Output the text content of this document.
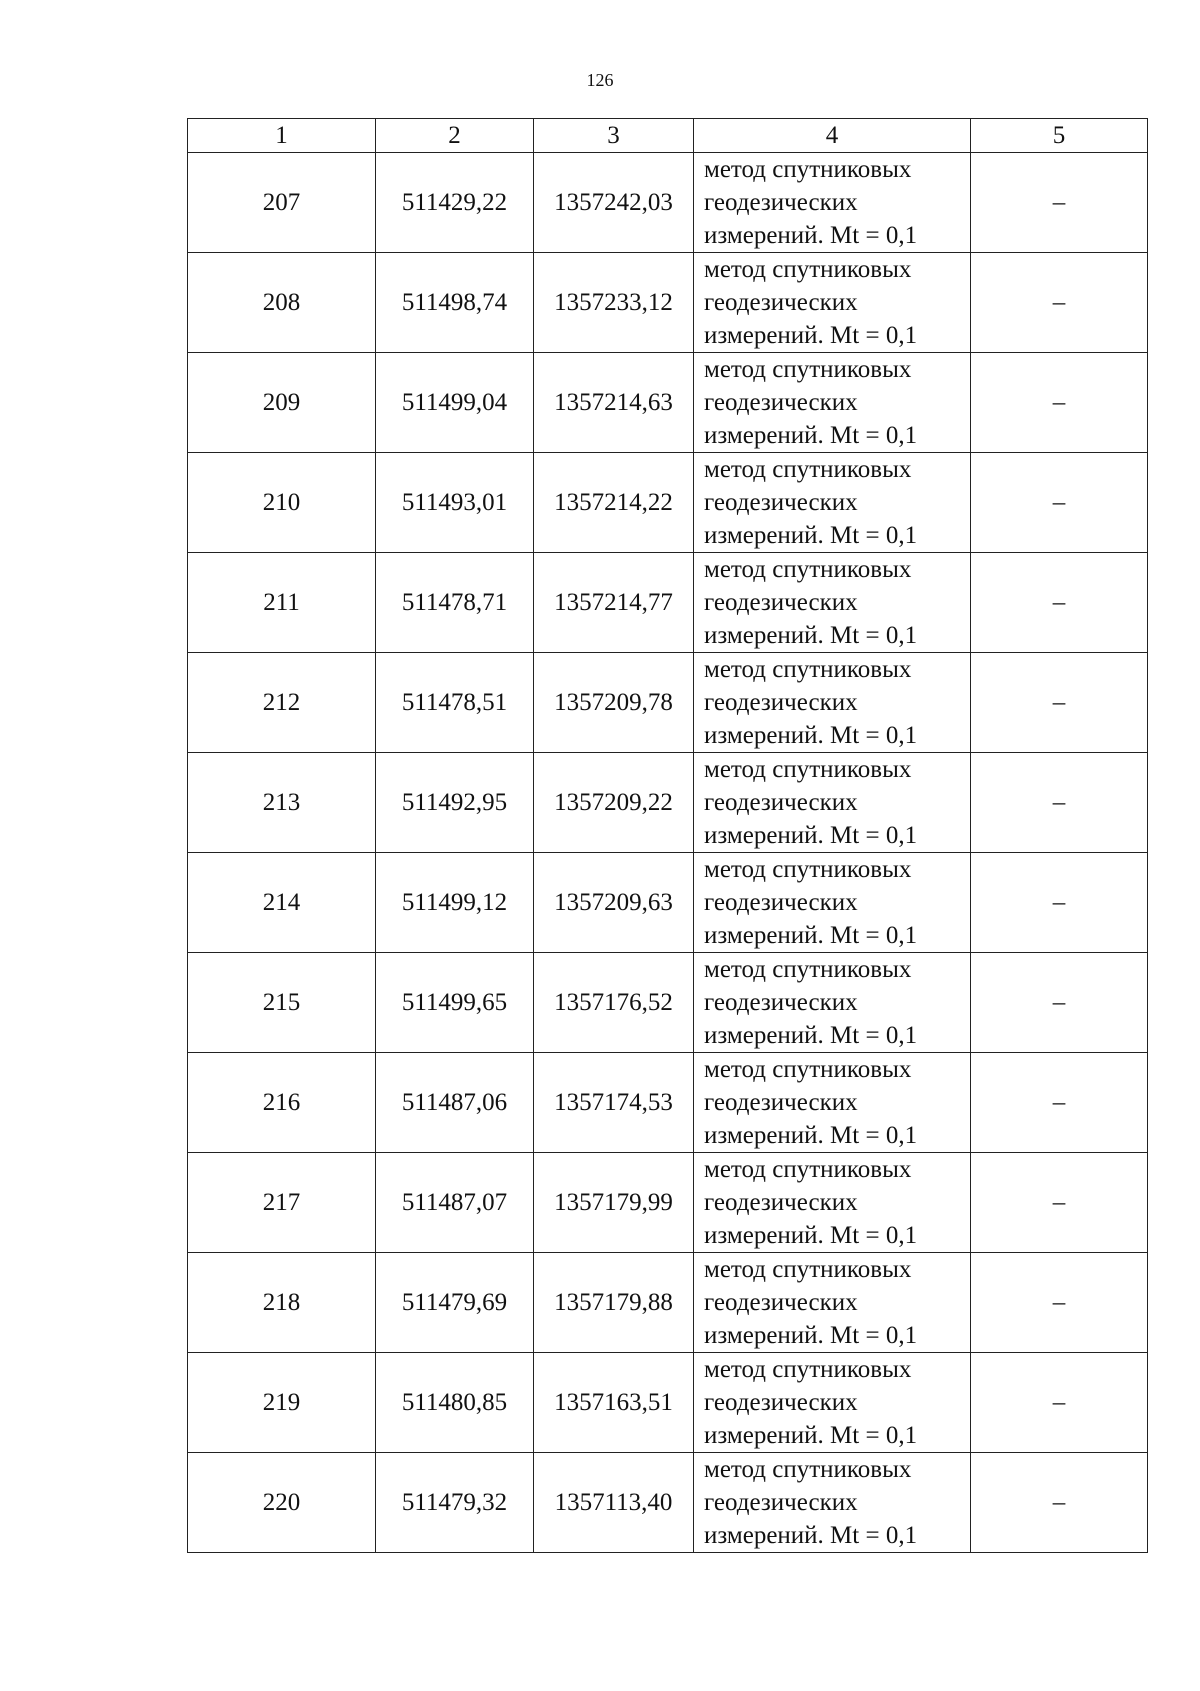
126
1	2	3	4	5
207	511429,22	1357242,03	метод спутниковых
геодезических
измерений. Mt = 0,1	–
208	511498,74	1357233,12	метод спутниковых
геодезических
измерений. Mt = 0,1	–
209	511499,04	1357214,63	метод спутниковых
геодезических
измерений. Mt = 0,1	–
210	511493,01	1357214,22	метод спутниковых
геодезических
измерений. Mt = 0,1	–
211	511478,71	1357214,77	метод спутниковых
геодезических
измерений. Mt = 0,1	–
212	511478,51	1357209,78	метод спутниковых
геодезических
измерений. Mt = 0,1	–
213	511492,95	1357209,22	метод спутниковых
геодезических
измерений. Mt = 0,1	–
214	511499,12	1357209,63	метод спутниковых
геодезических
измерений. Mt = 0,1	–
215	511499,65	1357176,52	метод спутниковых
геодезических
измерений. Mt = 0,1	–
216	511487,06	1357174,53	метод спутниковых
геодезических
измерений. Mt = 0,1	–
217	511487,07	1357179,99	метод спутниковых
геодезических
измерений. Mt = 0,1	–
218	511479,69	1357179,88	метод спутниковых
геодезических
измерений. Mt = 0,1	–
219	511480,85	1357163,51	метод спутниковых
геодезических
измерений. Mt = 0,1	–
220	511479,32	1357113,40	метод спутниковых
геодезических
измерений. Mt = 0,1	–
